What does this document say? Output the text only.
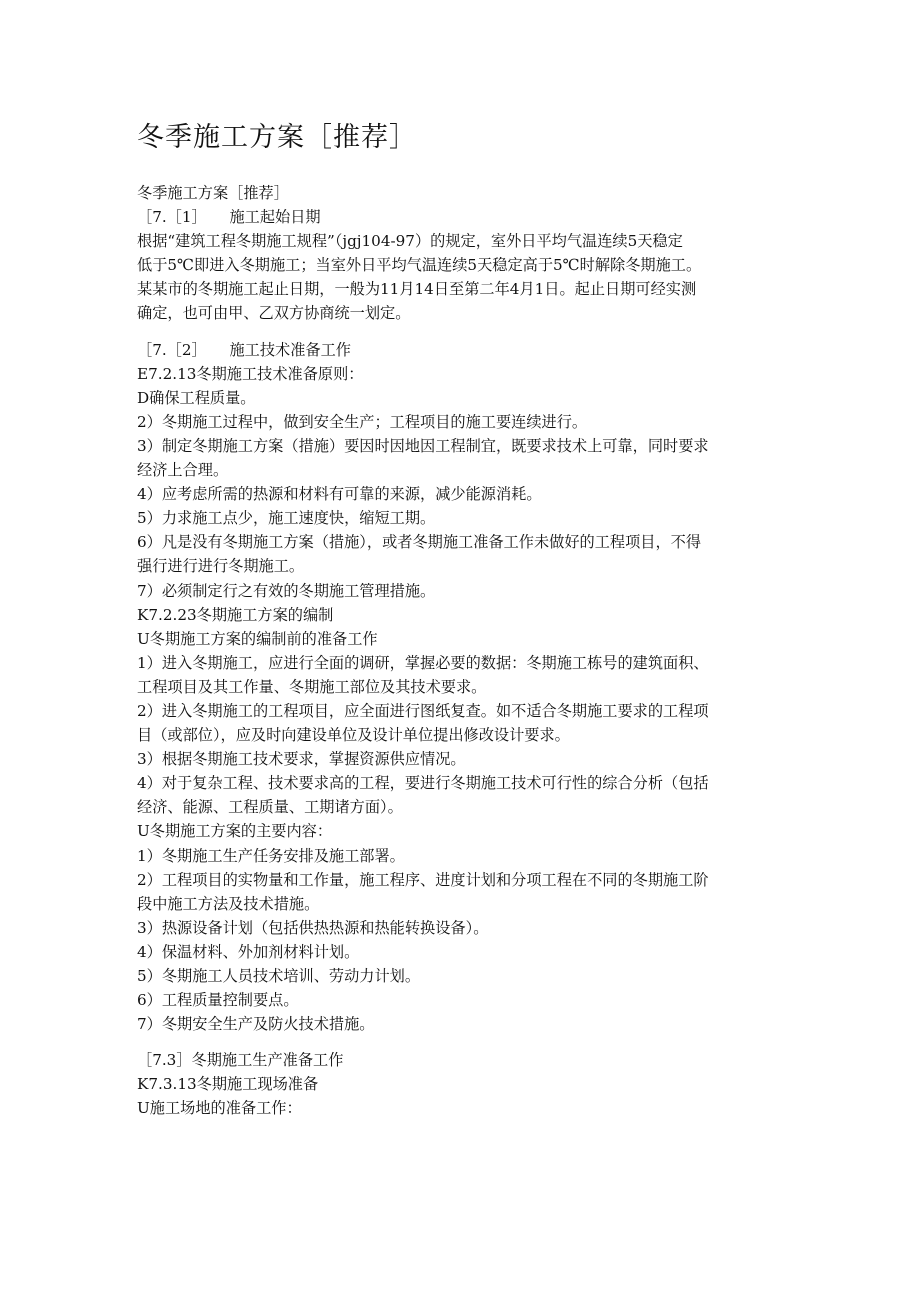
冬季施工方案［推荐］
冬季施工方案［推荐］
［7.［1］　　施工起始日期
根据“建筑工程冬期施工规程”（jgj104-97）的规定，室外日平均气温连续5天稳定
低于5℃即进入冬期施工；当室外日平均气温连续5天稳定高于5℃时解除冬期施工。
某某市的冬期施工起止日期，一般为11月14日至第二年4月1日。起止日期可经实测
确定，也可由甲、乙双方协商统一划定。
［7.［2］　　施工技术准备工作
E7.2.13冬期施工技术准备原则：
D确保工程质量。
2）冬期施工过程中，做到安全生产；工程项目的施工要连续进行。
3）制定冬期施工方案（措施）要因时因地因工程制宜，既要求技术上可靠，同时要求
经济上合理。
4）应考虑所需的热源和材料有可靠的来源，减少能源消耗。
5）力求施工点少，施工速度快，缩短工期。
6）凡是没有冬期施工方案（措施），或者冬期施工准备工作未做好的工程项目，不得
强行进行进行冬期施工。
7）必须制定行之有效的冬期施工管理措施。
K7.2.23冬期施工方案的编制
U冬期施工方案的编制前的准备工作
1）进入冬期施工，应进行全面的调研，掌握必要的数据：冬期施工栋号的建筑面积、
工程项目及其工作量、冬期施工部位及其技术要求。
2）进入冬期施工的工程项目，应全面进行图纸复查。如不适合冬期施工要求的工程项
目（或部位），应及时向建设单位及设计单位提出修改设计要求。
3）根据冬期施工技术要求，掌握资源供应情况。
4）对于复杂工程、技术要求高的工程，要进行冬期施工技术可行性的综合分析（包括
经济、能源、工程质量、工期诸方面）。
U冬期施工方案的主要内容：
1）冬期施工生产任务安排及施工部署。
2）工程项目的实物量和工作量，施工程序、进度计划和分项工程在不同的冬期施工阶
段中施工方法及技术措施。
3）热源设备计划（包括供热热源和热能转换设备）。
4）保温材料、外加剂材料计划。
5）冬期施工人员技术培训、劳动力计划。
6）工程质量控制要点。
7）冬期安全生产及防火技术措施。
［7.3］冬期施工生产准备工作
K7.3.13冬期施工现场准备
U施工场地的准备工作：
